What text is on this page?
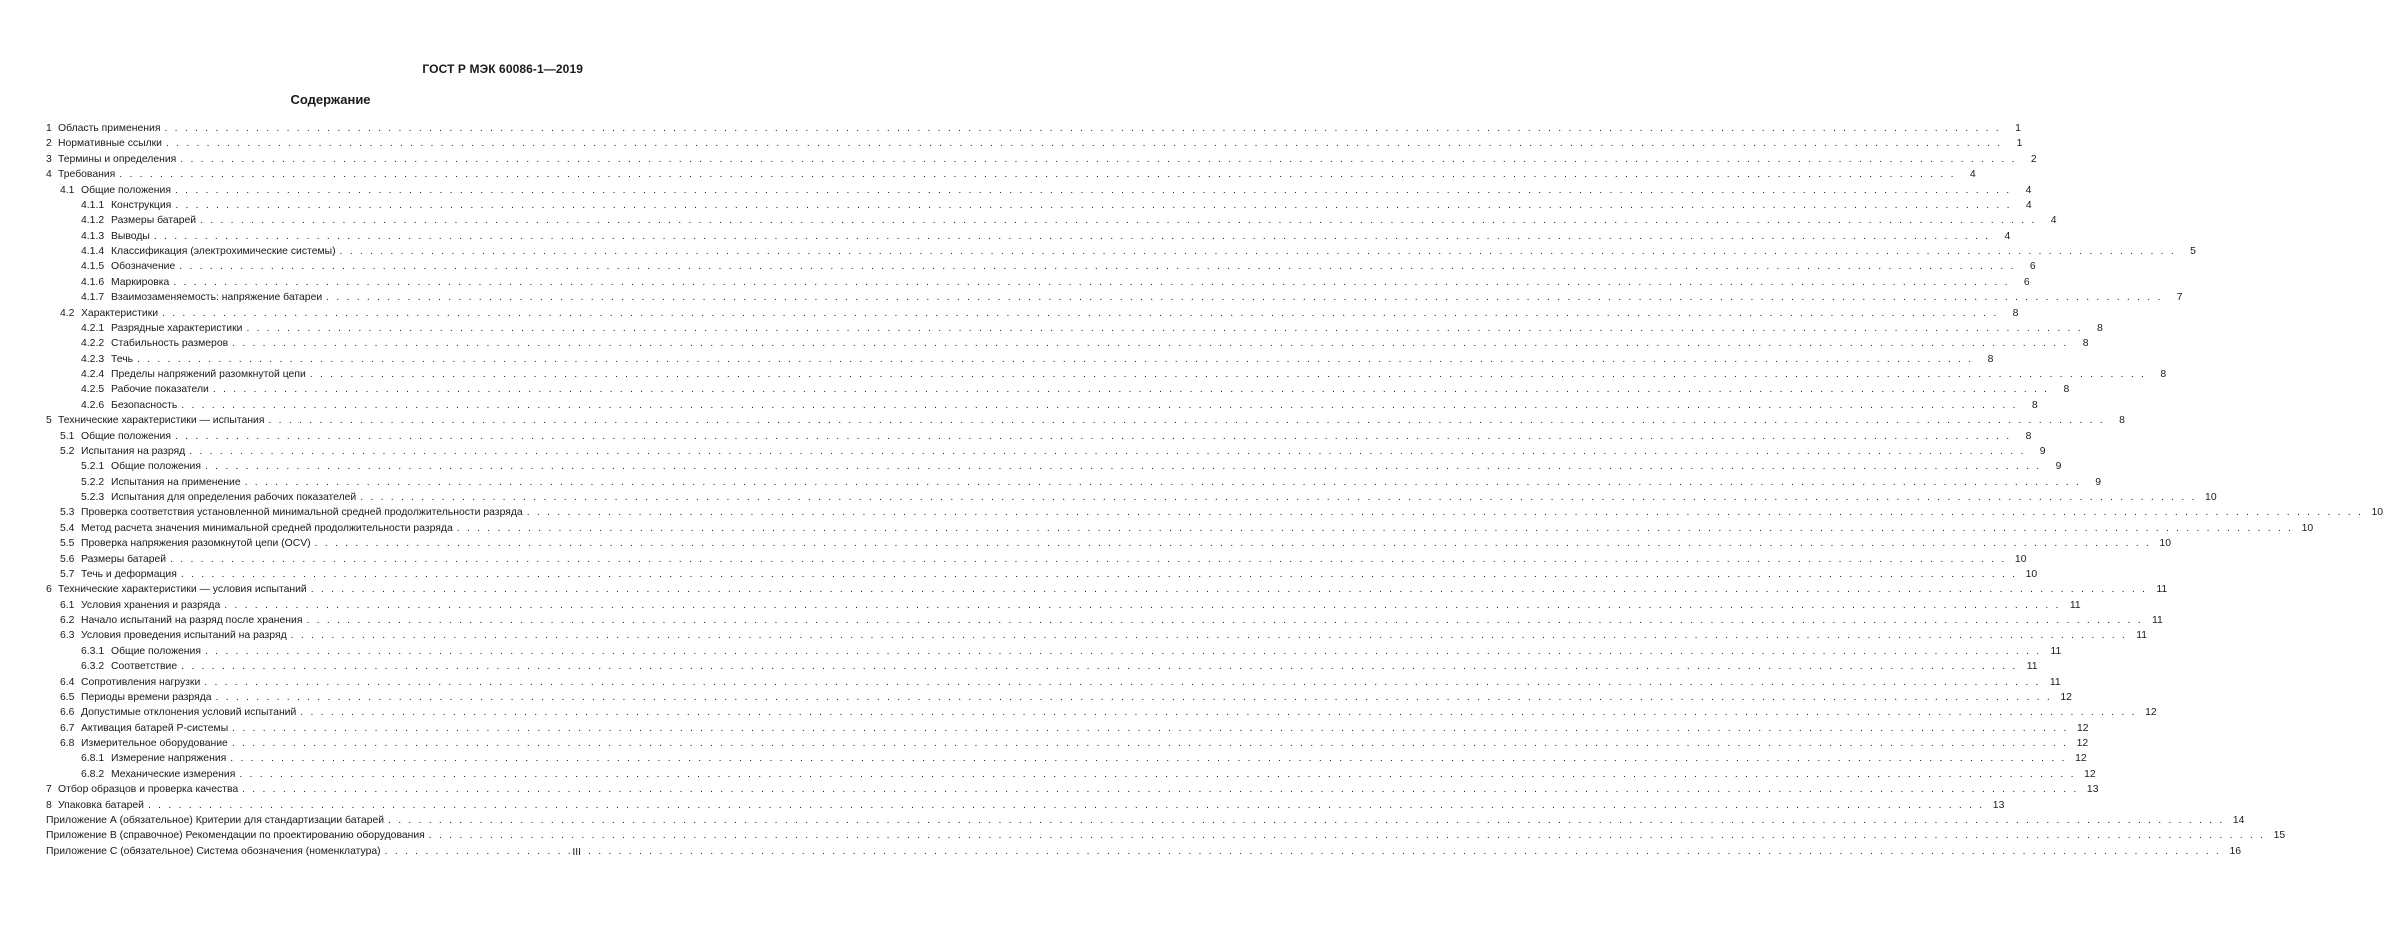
ГОСТ Р МЭК 60086-1—2019
Содержание
1 Область применения . . .	1
2 Нормативные ссылки . . .	1
3 Термины и определения . . .	2
4 Требования . . .	4
4.1 Общие положения . . .	4
4.1.1 Конструкция . . .	4
4.1.2 Размеры батарей . . .	4
4.1.3 Выводы . . .	4
4.1.4 Классификация (электрохимические системы) . . .	5
4.1.5 Обозначение . . .	6
4.1.6 Маркировка . . .	6
4.1.7 Взаимозаменяемость: напряжение батареи . . .	7
4.2 Характеристики . . .	8
4.2.1 Разрядные характеристики . . .	8
4.2.2 Стабильность размеров . . .	8
4.2.3 Течь . . .	8
4.2.4 Пределы напряжений разомкнутой цепи . . .	8
4.2.5 Рабочие показатели . . .	8
4.2.6 Безопасность . . .	8
5 Технические характеристики — испытания . . .	8
5.1 Общие положения . . .	8
5.2 Испытания на разряд . . .	9
5.2.1 Общие положения . . .	9
5.2.2 Испытания на применение . . .	9
5.2.3 Испытания для определения рабочих показателей . . .	10
5.3 Проверка соответствия установленной минимальной средней продолжительности разряда . . .	10
5.4 Метод расчета значения минимальной средней продолжительности разряда . . .	10
5.5 Проверка напряжения разомкнутой цепи (OCV) . . .	10
5.6 Размеры батарей . . .	10
5.7 Течь и деформация . . .	10
6 Технические характеристики — условия испытаний . . .	11
6.1 Условия хранения и разряда . . .	11
6.2 Начало испытаний на разряд после хранения . . .	11
6.3 Условия проведения испытаний на разряд . . .	11
6.3.1 Общие положения . . .	11
6.3.2 Соответствие . . .	11
6.4 Сопротивления нагрузки . . .	11
6.5 Периоды времени разряда . . .	12
6.6 Допустимые отклонения условий испытаний . . .	12
6.7 Активация батарей P-системы . . .	12
6.8 Измерительное оборудование . . .	12
6.8.1 Измерение напряжения . . .	12
6.8.2 Механические измерения . . .	12
7 Отбор образцов и проверка качества . . .	13
8 Упаковка батарей . . .	13
Приложение А (обязательное) Критерии для стандартизации батарей . . .	14
Приложение B (справочное) Рекомендации по проектированию оборудования . . .	15
Приложение С (обязательное) Система обозначения (номенклатура) . . .	16
III
